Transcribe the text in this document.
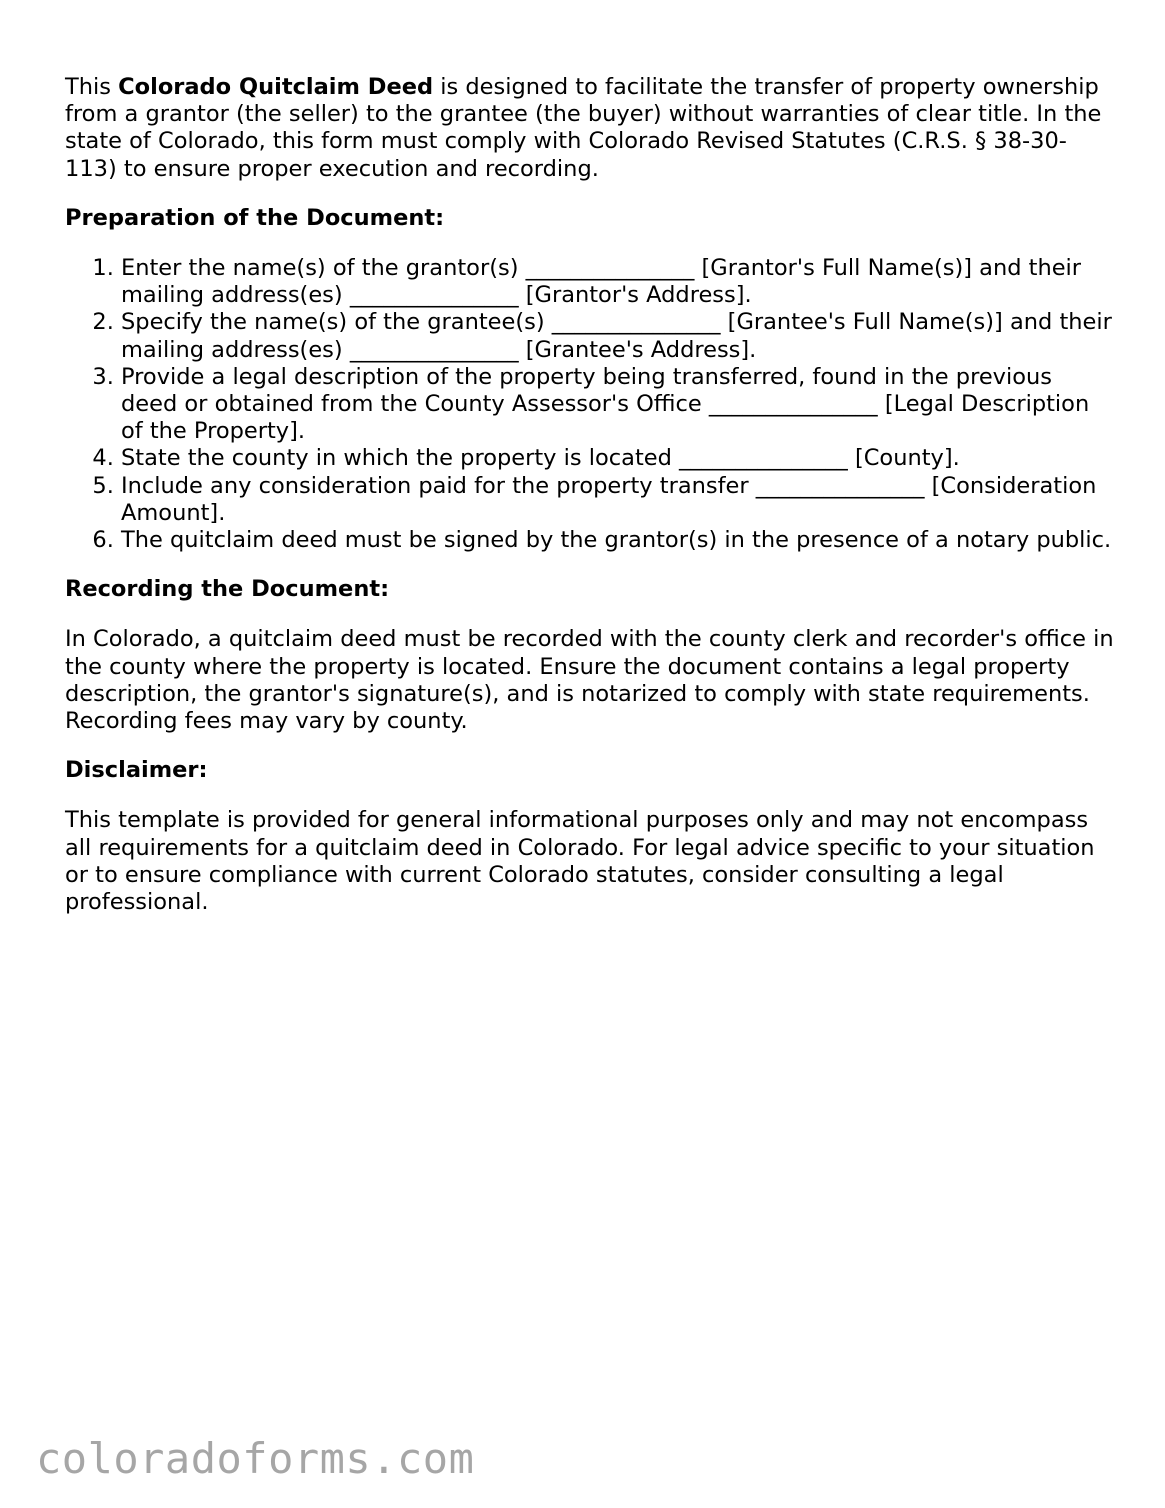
This Colorado Quitclaim Deed is designed to facilitate the transfer of property ownership from a grantor (the seller) to the grantee (the buyer) without warranties of clear title. In the state of Colorado, this form must comply with Colorado Revised Statutes (C.R.S. § 38-30-113) to ensure proper execution and recording.

Preparation of the Document:

1. Enter the name(s) of the grantor(s) _______________ [Grantor's Full Name(s)] and their mailing address(es) _______________ [Grantor's Address].
2. Specify the name(s) of the grantee(s) _______________ [Grantee's Full Name(s)] and their mailing address(es) _______________ [Grantee's Address].
3. Provide a legal description of the property being transferred, found in the previous deed or obtained from the County Assessor's Office _______________ [Legal Description of the Property].
4. State the county in which the property is located _______________ [County].
5. Include any consideration paid for the property transfer _______________ [Consideration Amount].
6. The quitclaim deed must be signed by the grantor(s) in the presence of a notary public.

Recording the Document:

In Colorado, a quitclaim deed must be recorded with the county clerk and recorder's office in the county where the property is located. Ensure the document contains a legal property description, the grantor's signature(s), and is notarized to comply with state requirements. Recording fees may vary by county.

Disclaimer:

This template is provided for general informational purposes only and may not encompass all requirements for a quitclaim deed in Colorado. For legal advice specific to your situation or to ensure compliance with current Colorado statutes, consider consulting a legal professional.

coloradoforms.com
